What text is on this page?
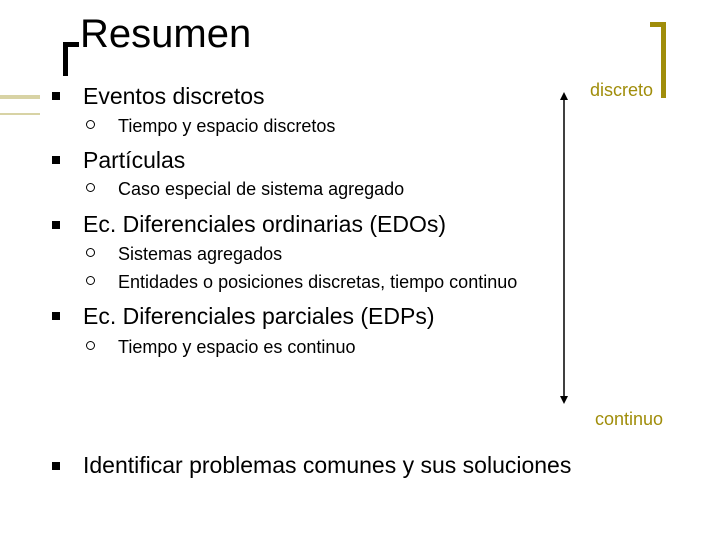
Resumen
discreto
continuo
Eventos discretos
Tiempo y espacio discretos
Partículas
Caso especial de sistema agregado
Ec. Diferenciales ordinarias (EDOs)
Sistemas agregados
Entidades o posiciones discretas, tiempo continuo
Ec. Diferenciales parciales (EDPs)
Tiempo y espacio es continuo
Identificar problemas comunes y sus soluciones
